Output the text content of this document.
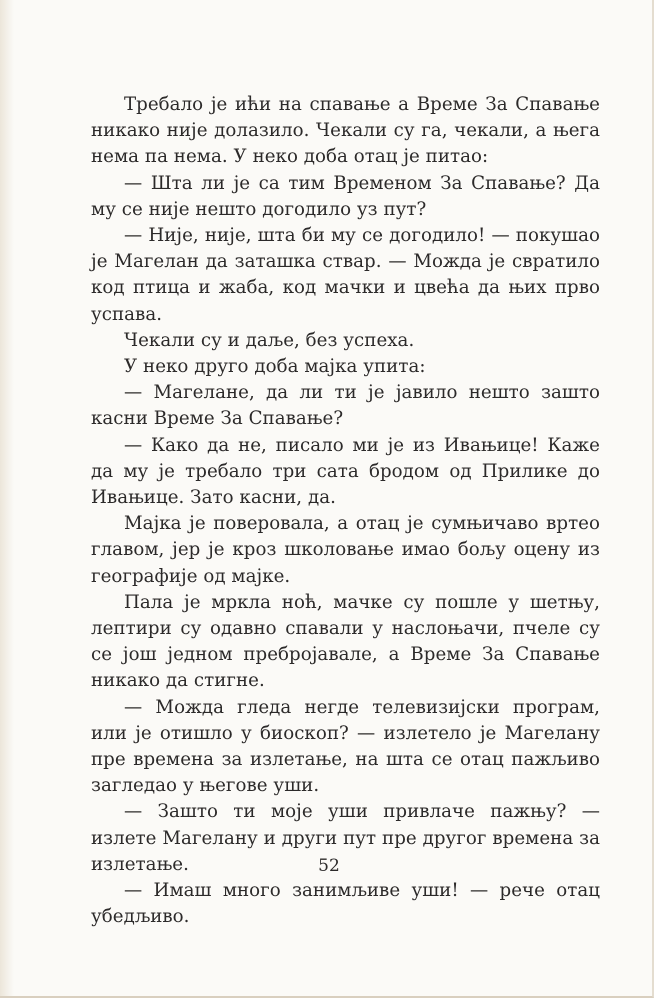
Требало је ићи на спавање а Време За Спавање никако није долазило. Чекали су га, чекали, а њега нема па нема. У неко доба отац је питао:

— Шта ли је са тим Временом За Спавање? Да му се није нешто догодило уз пут?

— Није, није, шта би му се догодило! — покушао је Магелан да заташка ствар. — Можда је свратило код птица и жаба, код мачки и цвећа да њих прво успава.

Чекали су и даље, без успеха.

У неко друго доба мајка упита:

— Магелане, да ли ти је јавило нешто зашто касни Време За Спавање?

— Како да не, писало ми је из Ивањице! Каже да му је требало три сата бродом од Прилике до Ивањице. Зато касни, да.

Мајка је поверовала, а отац је сумњичаво вртео главом, јер је кроз школовање имао бољу оцену из географије од мајке.

Пала је мркла ноћ, мачке су пошле у шетњу, лептири су одавно спавали у наслоњачи, пчеле су се још једном пребројавале, а Време За Спавање никако да стигне.

— Можда гледа негде телевизијски програм, или је отишло у биоскоп? — излетело је Магелану пре времена за излетање, на шта се отац пажљиво загледао у његове уши.

— Зашто ти моје уши привлаче пажњу? — излете Магелану и други пут пре другог времена за излетање.

— Имаш много занимљиве уши! — рече отац убедљиво.

52
